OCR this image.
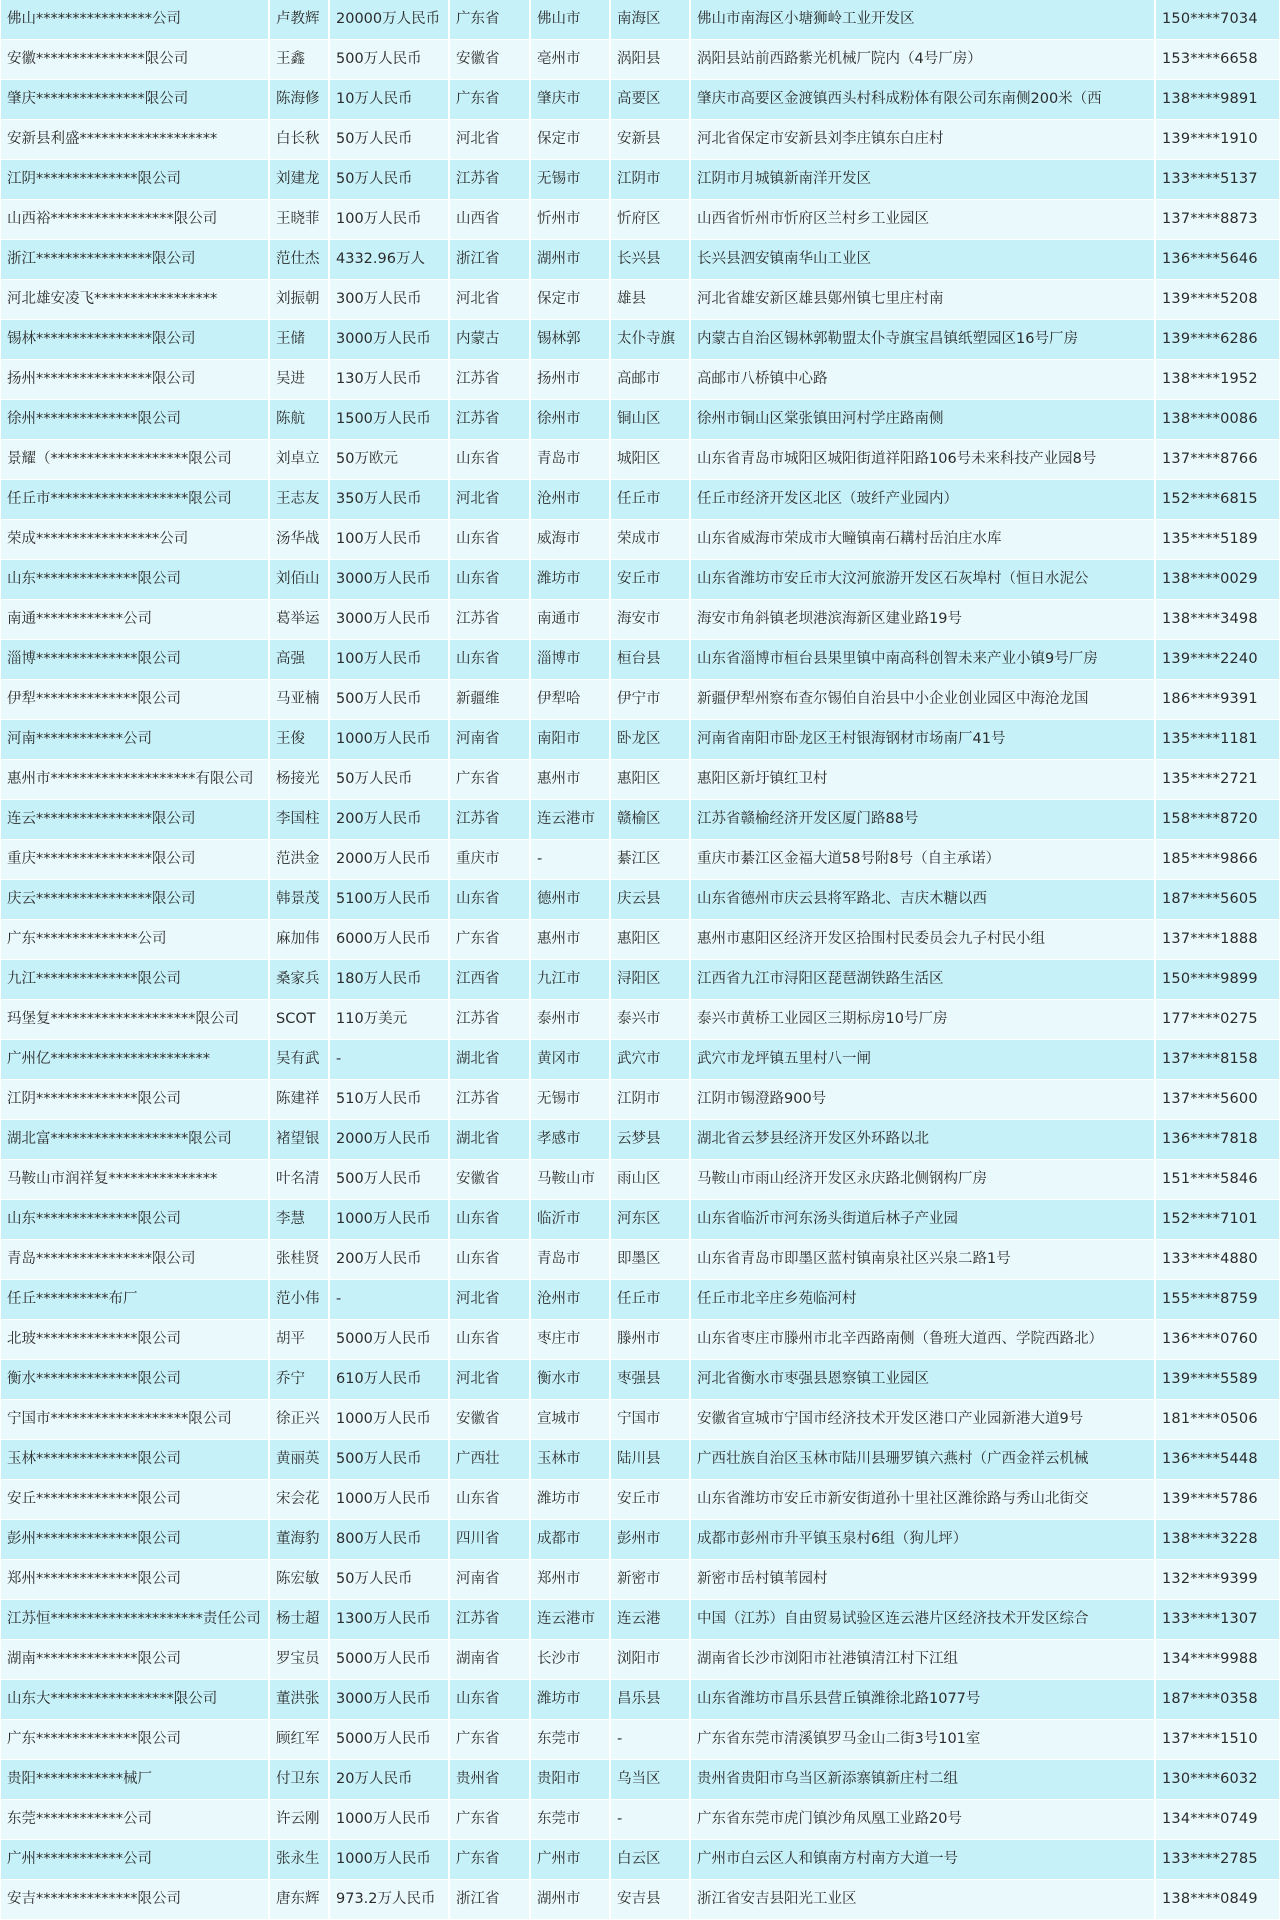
佛山****************公司	卢教辉	20000万人民币	广东省	佛山市	南海区	佛山市南海区小塘狮岭工业开发区	150****7034
安徽***************限公司	王鑫	500万人民币	安徽省	亳州市	涡阳县	涡阳县站前西路紫光机械厂院内（4号厂房）	153****6658
肇庆***************限公司	陈海修	10万人民币	广东省	肇庆市	高要区	肇庆市高要区金渡镇西头村科成粉体有限公司东南侧200米（西	138****9891
安新县利盛*******************	白长秋	50万人民币	河北省	保定市	安新县	河北省保定市安新县刘李庄镇东白庄村	139****1910
江阴**************限公司	刘建龙	50万人民币	江苏省	无锡市	江阴市	江阴市月城镇新南洋开发区	133****5137
山西裕*****************限公司	王晓菲	100万人民币	山西省	忻州市	忻府区	山西省忻州市忻府区兰村乡工业园区	137****8873
浙江****************限公司	范仕杰	4332.96万人	浙江省	湖州市	长兴县	长兴县泗安镇南华山工业区	136****5646
河北雄安凌飞*****************	刘振朝	300万人民币	河北省	保定市	雄县	河北省雄安新区雄县鄚州镇七里庄村南	139****5208
锡林****************限公司	王储	3000万人民币	内蒙古	锡林郭	太仆寺旗	内蒙古自治区锡林郭勒盟太仆寺旗宝昌镇纸塑园区16号厂房	139****6286
扬州****************限公司	吴进	130万人民币	江苏省	扬州市	高邮市	高邮市八桥镇中心路	138****1952
徐州**************限公司	陈航	1500万人民币	江苏省	徐州市	铜山区	徐州市铜山区棠张镇田河村学庄路南侧	138****0086
景耀（*******************限公司	刘卓立	50万欧元	山东省	青岛市	城阳区	山东省青岛市城阳区城阳街道祥阳路106号未来科技产业园8号	137****8766
任丘市*******************限公司	王志友	350万人民币	河北省	沧州市	任丘市	任丘市经济开发区北区（玻纤产业园内）	152****6815
荣成*****************公司	汤华战	100万人民币	山东省	威海市	荣成市	山东省威海市荣成市大疃镇南石耩村岳泊庄水库	135****5189
山东**************限公司	刘佰山	3000万人民币	山东省	潍坊市	安丘市	山东省潍坊市安丘市大汶河旅游开发区石灰埠村（恒日水泥公	138****0029
南通************公司	葛举运	3000万人民币	江苏省	南通市	海安市	海安市角斜镇老坝港滨海新区建业路19号	138****3498
淄博**************限公司	高强	100万人民币	山东省	淄博市	桓台县	山东省淄博市桓台县果里镇中南高科创智未来产业小镇9号厂房	139****2240
伊犁**************限公司	马亚楠	500万人民币	新疆维	伊犁哈	伊宁市	新疆伊犁州察布查尔锡伯自治县中小企业创业园区中海沧龙国	186****9391
河南************公司	王俊	1000万人民币	河南省	南阳市	卧龙区	河南省南阳市卧龙区王村银海钢材市场南厂41号	135****1181
惠州市********************有限公司	杨接光	50万人民币	广东省	惠州市	惠阳区	惠阳区新圩镇红卫村	135****2721
连云****************限公司	李国柱	200万人民币	江苏省	连云港市	赣榆区	江苏省赣榆经济开发区厦门路88号	158****8720
重庆****************限公司	范洪金	2000万人民币	重庆市	-	綦江区	重庆市綦江区金福大道58号附8号（自主承诺）	185****9866
庆云****************限公司	韩景茂	5100万人民币	山东省	德州市	庆云县	山东省德州市庆云县将军路北、吉庆木糖以西	187****5605
广东**************公司	麻加伟	6000万人民币	广东省	惠州市	惠阳区	惠州市惠阳区经济开发区拾围村民委员会九子村民小组	137****1888
九江**************限公司	桑家兵	180万人民币	江西省	九江市	浔阳区	江西省九江市浔阳区琵琶湖铁路生活区	150****9899
玛堡复********************限公司	SCOT	110万美元	江苏省	泰州市	泰兴市	泰兴市黄桥工业园区三期标房10号厂房	177****0275
广州亿**********************	吴有武	-	湖北省	黄冈市	武穴市	武穴市龙坪镇五里村八一闸	137****8158
江阴**************限公司	陈建祥	510万人民币	江苏省	无锡市	江阴市	江阴市锡澄路900号	137****5600
湖北富*******************限公司	褚望银	2000万人民币	湖北省	孝感市	云梦县	湖北省云梦县经济开发区外环路以北	136****7818
马鞍山市润祥复***************	叶名清	500万人民币	安徽省	马鞍山市	雨山区	马鞍山市雨山经济开发区永庆路北侧钢构厂房	151****5846
山东**************限公司	李慧	1000万人民币	山东省	临沂市	河东区	山东省临沂市河东汤头街道后林子产业园	152****7101
青岛****************限公司	张桂贤	200万人民币	山东省	青岛市	即墨区	山东省青岛市即墨区蓝村镇南泉社区兴泉二路1号	133****4880
任丘**********布厂	范小伟	-	河北省	沧州市	任丘市	任丘市北辛庄乡苑临河村	155****8759
北玻**************限公司	胡平	5000万人民币	山东省	枣庄市	滕州市	山东省枣庄市滕州市北辛西路南侧（鲁班大道西、学院西路北）	136****0760
衡水**************限公司	乔宁	610万人民币	河北省	衡水市	枣强县	河北省衡水市枣强县恩察镇工业园区	139****5589
宁国市*******************限公司	徐正兴	1000万人民币	安徽省	宣城市	宁国市	安徽省宣城市宁国市经济技术开发区港口产业园新港大道9号	181****0506
玉林**************限公司	黄丽英	500万人民币	广西壮	玉林市	陆川县	广西壮族自治区玉林市陆川县珊罗镇六燕村（广西金祥云机械	136****5448
安丘**************限公司	宋会花	1000万人民币	山东省	潍坊市	安丘市	山东省潍坊市安丘市新安街道孙十里社区潍徐路与秀山北街交	139****5786
彭州**************限公司	董海豹	800万人民币	四川省	成都市	彭州市	成都市彭州市升平镇玉泉村6组（狗儿坪）	138****3228
郑州**************限公司	陈宏敏	50万人民币	河南省	郑州市	新密市	新密市岳村镇苇园村	132****9399
江苏恒*********************责任公司	杨士超	1300万人民币	江苏省	连云港市	连云港	中国（江苏）自由贸易试验区连云港片区经济技术开发区综合	133****1307
湖南**************限公司	罗宝员	5000万人民币	湖南省	长沙市	浏阳市	湖南省长沙市浏阳市社港镇清江村下江组	134****9988
山东大*****************限公司	董洪张	3000万人民币	山东省	潍坊市	昌乐县	山东省潍坊市昌乐县营丘镇潍徐北路1077号	187****0358
广东**************限公司	顾红军	5000万人民币	广东省	东莞市	-	广东省东莞市清溪镇罗马金山二街3号101室	137****1510
贵阳************械厂	付卫东	20万人民币	贵州省	贵阳市	乌当区	贵州省贵阳市乌当区新添寨镇新庄村二组	130****6032
东莞************公司	许云刚	1000万人民币	广东省	东莞市	-	广东省东莞市虎门镇沙角凤凰工业路20号	134****0749
广州************公司	张永生	1000万人民币	广东省	广州市	白云区	广州市白云区人和镇南方村南方大道一号	133****2785
安吉**************限公司	唐东辉	973.2万人民币	浙江省	湖州市	安吉县	浙江省安吉县阳光工业区	138****0849
